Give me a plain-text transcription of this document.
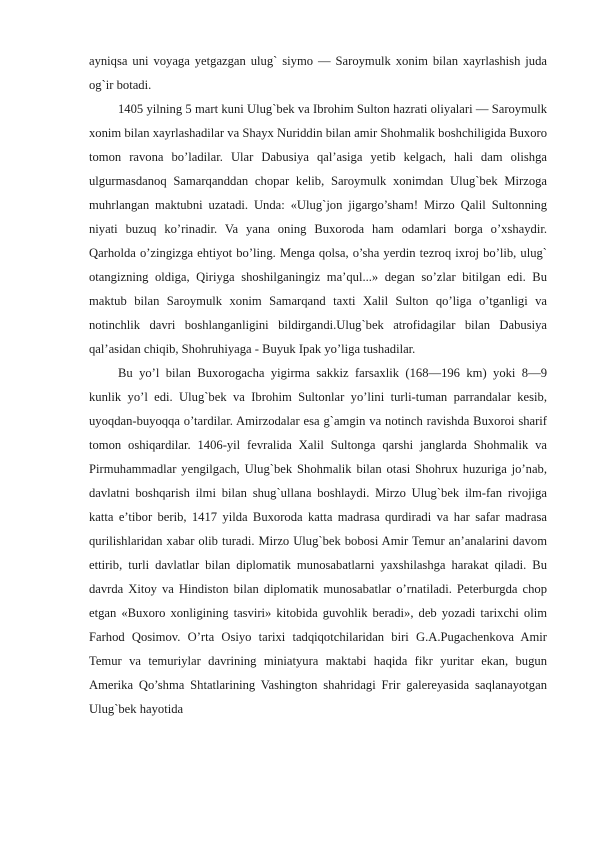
ayniqsa uni voyaga yetgazgan ulug` siymo — Saroymulk xonim bilan xayrlashish juda og`ir botadi.

1405 yilning 5 mart kuni Ulug`bek va Ibrohim Sulton hazrati oliyalari — Saroymulk xonim bilan xayrlashadilar va Shayx Nuriddin bilan amir Shohmalik boshchiligida Buxoro tomon ravona bo’ladilar. Ular Dabusiya qal’asiga yetib kelgach, hali dam olishga ulgurmasdanoq Samarqanddan chopar kelib, Saroymulk xonimdan Ulug`bek Mirzoga muhrlangan maktubni uzatadi. Unda: «Ulug`jon jigargo’sham! Mirzo Qalil Sultonning niyati buzuq ko’rinadir. Va yana oning Buxoroda ham odamlari borga o’xshaydir. Qarholda o’zingizga ehtiyot bo’ling. Menga qolsa, o’sha yerdin tezroq ixroj bo’lib, ulug` otangizning oldiga, Qiriyga shoshilganingiz ma’qul...» degan so’zlar bitilgan edi. Bu maktub bilan Saroymulk xonim Samarqand taxti Xalil Sulton qo’liga o’tganligi va notinchlik davri boshlanganligini bildirgandi.Ulug`bek atrofidagilar bilan Dabusiya qal’asidan chiqib, Shohruhiyaga - Buyuk Ipak yo’liga tushadilar.

Bu yo’l bilan Buxorogacha yigirma sakkiz farsaxlik (168—196 km) yoki 8—9 kunlik yo’l edi. Ulug`bek va Ibrohim Sultonlar yo’lini turli-tuman parrandalar kesib, uyoqdan-buyoqqa o’tardilar. Amirzodalar esa g`amgin va notinch ravishda Buxoroi sharif tomon oshiqardilar. 1406-yil fevralida Xalil Sultonga qarshi janglarda Shohmalik va Pirmuhammadlar yengilgach, Ulug`bek Shohmalik bilan otasi Shohrux huzuriga jo’nab, davlatni boshqarish ilmi bilan shug`ullana boshlaydi. Mirzo Ulug`bek ilm-fan rivojiga katta e’tibor berib, 1417 yilda Buxoroda katta madrasa qurdiradi va har safar madrasa qurilishlaridan xabar olib turadi. Mirzo Ulug`bek bobosi Amir Temur an’analarini davom ettirib, turli davlatlar bilan diplomatik munosabatlarni yaxshilashga harakat qiladi. Bu davrda Xitoy va Hindiston bilan diplomatik munosabatlar o’rnatiladi. Peterburgda chop etgan «Buxoro xonligining tasviri» kitobida guvohlik beradi», deb yozadi tarixchi olim Farhod Qosimov. O’rta Osiyo tarixi tadqiqotchilaridan biri G.A.Pugachenkova Amir Temur va temuriylar davrining miniatyura maktabi haqida fikr yuritar ekan, bugun Amerika Qo’shma Shtatlarining Vashington shahridagi Frir galereyasida saqlanayotgan Ulug`bek hayotida
